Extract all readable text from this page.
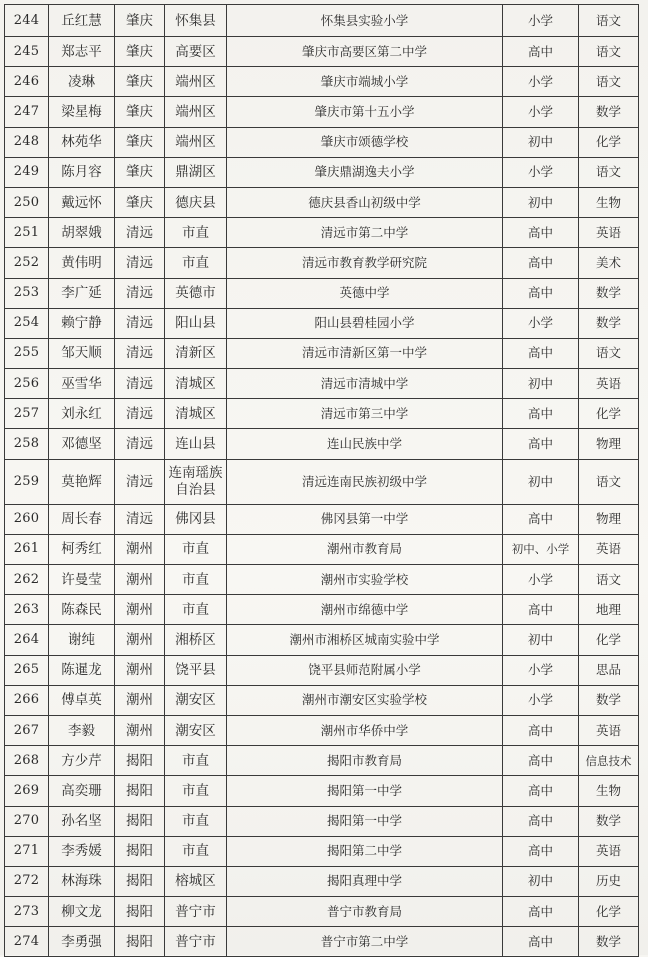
244	丘红慧	肇庆	怀集县	怀集县实验小学	小学	语文
245	郑志平	肇庆	高要区	肇庆市高要区第二中学	高中	语文
246	凌琳	肇庆	端州区	肇庆市端城小学	小学	语文
247	梁星梅	肇庆	端州区	肇庆市第十五小学	小学	数学
248	林苑华	肇庆	端州区	肇庆市颂德学校	初中	化学
249	陈月容	肇庆	鼎湖区	肇庆鼎湖逸夫小学	小学	语文
250	戴远怀	肇庆	德庆县	德庆县香山初级中学	初中	生物
251	胡翠娥	清远	市直	清远市第二中学	高中	英语
252	黄伟明	清远	市直	清远市教育教学研究院	高中	美术
253	李广延	清远	英德市	英德中学	高中	数学
254	赖宁静	清远	阳山县	阳山县碧桂园小学	小学	数学
255	邹天顺	清远	清新区	清远市清新区第一中学	高中	语文
256	巫雪华	清远	清城区	清远市清城中学	初中	英语
257	刘永红	清远	清城区	清远市第三中学	高中	化学
258	邓德坚	清远	连山县	连山民族中学	高中	物理
259	莫艳辉	清远	连南瑶族自治县	清远连南民族初级中学	初中	语文
260	周长春	清远	佛冈县	佛冈县第一中学	高中	物理
261	柯秀红	潮州	市直	潮州市教育局	初中、小学	英语
262	许曼莹	潮州	市直	潮州市实验学校	小学	语文
263	陈森民	潮州	市直	潮州市绵德中学	高中	地理
264	谢纯	潮州	湘桥区	潮州市湘桥区城南实验中学	初中	化学
265	陈暹龙	潮州	饶平县	饶平县师范附属小学	小学	思品
266	傅卓英	潮州	潮安区	潮州市潮安区实验学校	小学	数学
267	李毅	潮州	潮安区	潮州市华侨中学	高中	英语
268	方少芹	揭阳	市直	揭阳市教育局	高中	信息技术
269	高奕珊	揭阳	市直	揭阳第一中学	高中	生物
270	孙名坚	揭阳	市直	揭阳第一中学	高中	数学
271	李秀媛	揭阳	市直	揭阳第二中学	高中	英语
272	林海珠	揭阳	榕城区	揭阳真理中学	初中	历史
273	柳文龙	揭阳	普宁市	普宁市教育局	高中	化学
274	李勇强	揭阳	普宁市	普宁市第二中学	高中	数学
